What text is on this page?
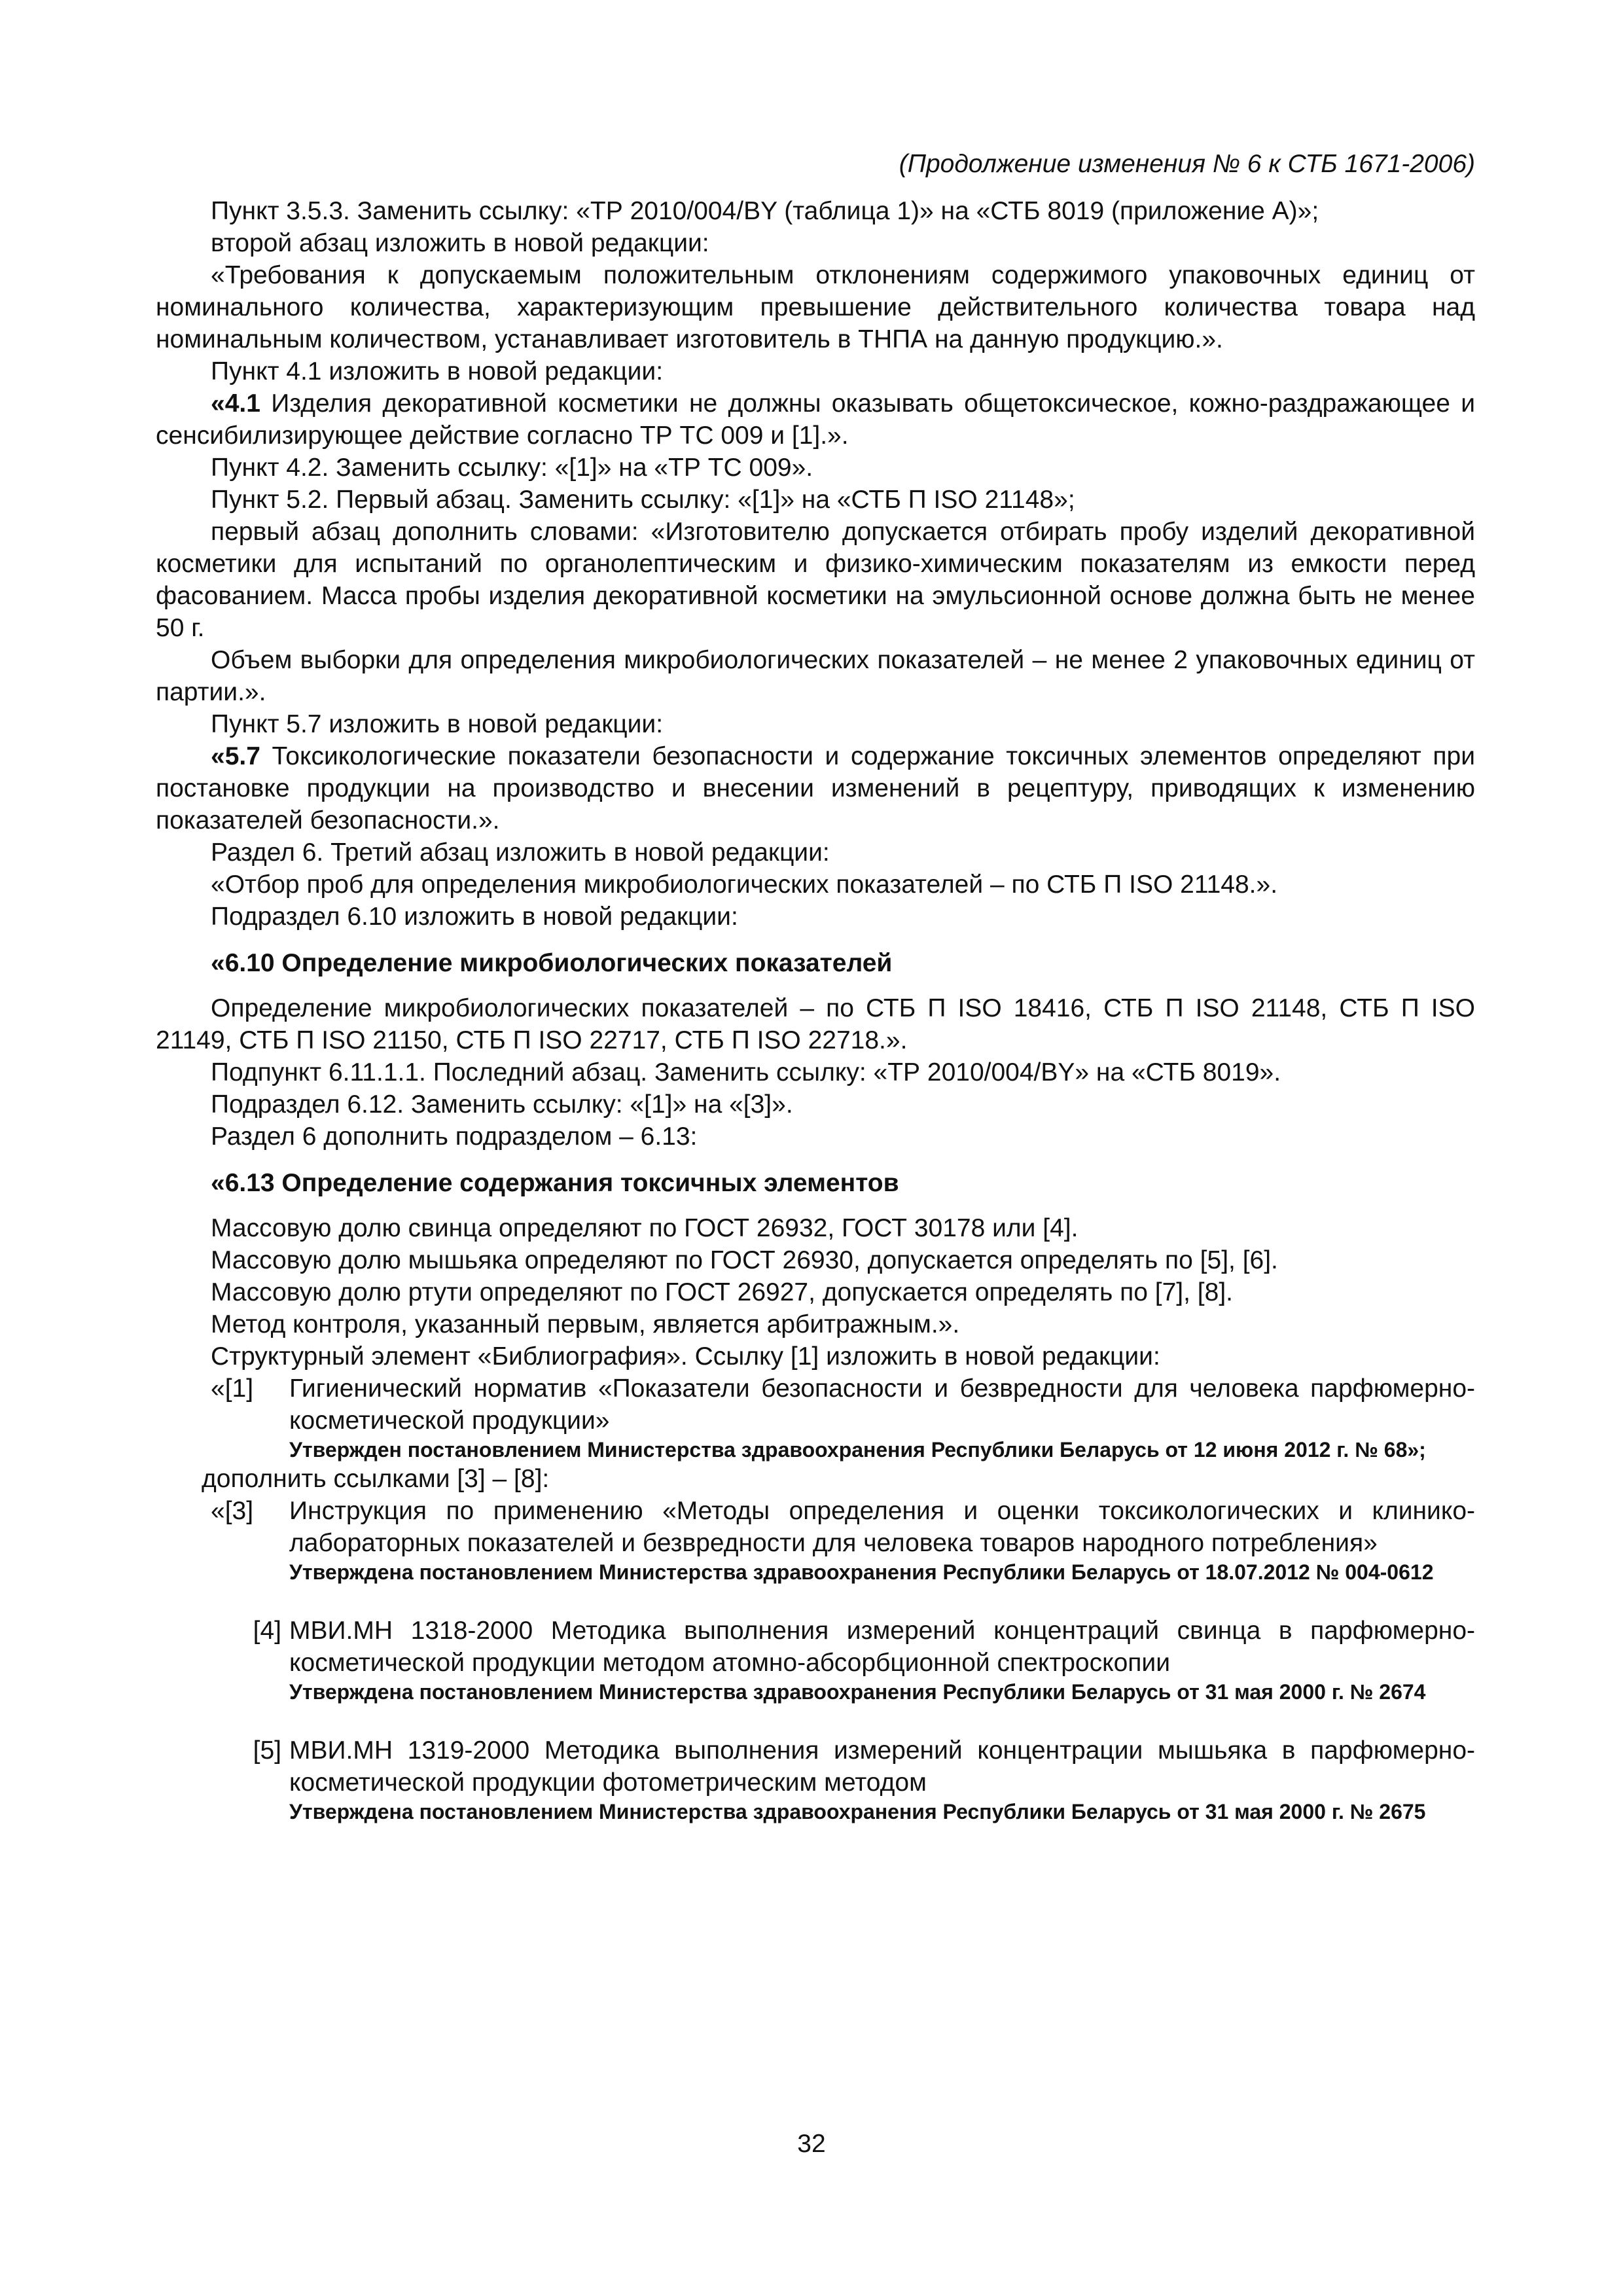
(Продолжение изменения № 6 к СТБ 1671-2006)

Пункт 3.5.3. Заменить ссылку: «ТР 2010/004/BY (таблица 1)» на «СТБ 8019 (приложение А)»;

второй абзац изложить в новой редакции:

«Требования к допускаемым положительным отклонениям содержимого упаковочных единиц от номинального количества, характеризующим превышение действительного количества товара над номинальным количеством, устанавливает изготовитель в ТНПА на данную продукцию.».

Пункт 4.1 изложить в новой редакции:

«4.1 Изделия декоративной косметики не должны оказывать общетоксическое, кожно-раздражающее и сенсибилизирующее действие согласно ТР ТС 009 и [1].».

Пункт 4.2. Заменить ссылку: «[1]» на «ТР ТС 009».

Пункт 5.2. Первый абзац. Заменить ссылку: «[1]» на «СТБ П ISO 21148»;

первый абзац дополнить словами: «Изготовителю допускается отбирать пробу изделий декоративной косметики для испытаний по органолептическим и физико-химическим показателям из емкости перед фасованием. Масса пробы изделия декоративной косметики на эмульсионной основе должна быть не менее 50 г.

Объем выборки для определения микробиологических показателей – не менее 2 упаковочных единиц от партии.».

Пункт 5.7 изложить в новой редакции:

«5.7 Токсикологические показатели безопасности и содержание токсичных элементов определяют при постановке продукции на производство и внесении изменений в рецептуру, приводящих к изменению показателей безопасности.».

Раздел 6. Третий абзац изложить в новой редакции:

«Отбор проб для определения микробиологических показателей – по СТБ П ISO 21148.».

Подраздел 6.10 изложить в новой редакции:

«6.10 Определение микробиологических показателей

Определение микробиологических показателей – по СТБ П ISO 18416, СТБ П ISO 21148, СТБ П ISO 21149, СТБ П ISO 21150, СТБ П ISO 22717, СТБ П ISO 22718.».

Подпункт 6.11.1.1. Последний абзац. Заменить ссылку: «ТР 2010/004/BY» на «СТБ 8019».

Подраздел 6.12. Заменить ссылку: «[1]» на «[3]».

Раздел 6 дополнить подразделом – 6.13:

«6.13 Определение содержания токсичных элементов

Массовую долю свинца определяют по ГОСТ 26932, ГОСТ 30178 или [4].

Массовую долю мышьяка определяют по ГОСТ 26930, допускается определять по [5], [6].

Массовую долю ртути определяют по ГОСТ 26927, допускается определять по [7], [8].

Метод контроля, указанный первым, является арбитражным.».

Структурный элемент «Библиография». Ссылку [1] изложить в новой редакции:

«[1]	Гигиенический норматив «Показатели безопасности и безвредности для человека парфюмерно-косметической продукции»
Утвержден постановлением Министерства здравоохранения Республики Беларусь от 12 июня 2012 г. № 68»;

дополнить ссылками [3] – [8]:

«[3]	Инструкция по применению «Методы определения и оценки токсикологических и клинико-лабораторных показателей и безвредности для человека товаров народного потребления»
Утверждена постановлением Министерства здравоохранения Республики Беларусь от 18.07.2012 № 004-0612
[4] МВИ.МН 1318-2000 Методика выполнения измерений концентраций свинца в парфюмерно-косметической продукции методом атомно-абсорбционной спектроскопии
Утверждена постановлением Министерства здравоохранения Республики Беларусь от 31 мая 2000 г. № 2674
[5] МВИ.МН 1319-2000 Методика выполнения измерений концентрации мышьяка в парфюмерно-косметической продукции фотометрическим методом
Утверждена постановлением Министерства здравоохранения Республики Беларусь от 31 мая 2000 г. № 2675
32
